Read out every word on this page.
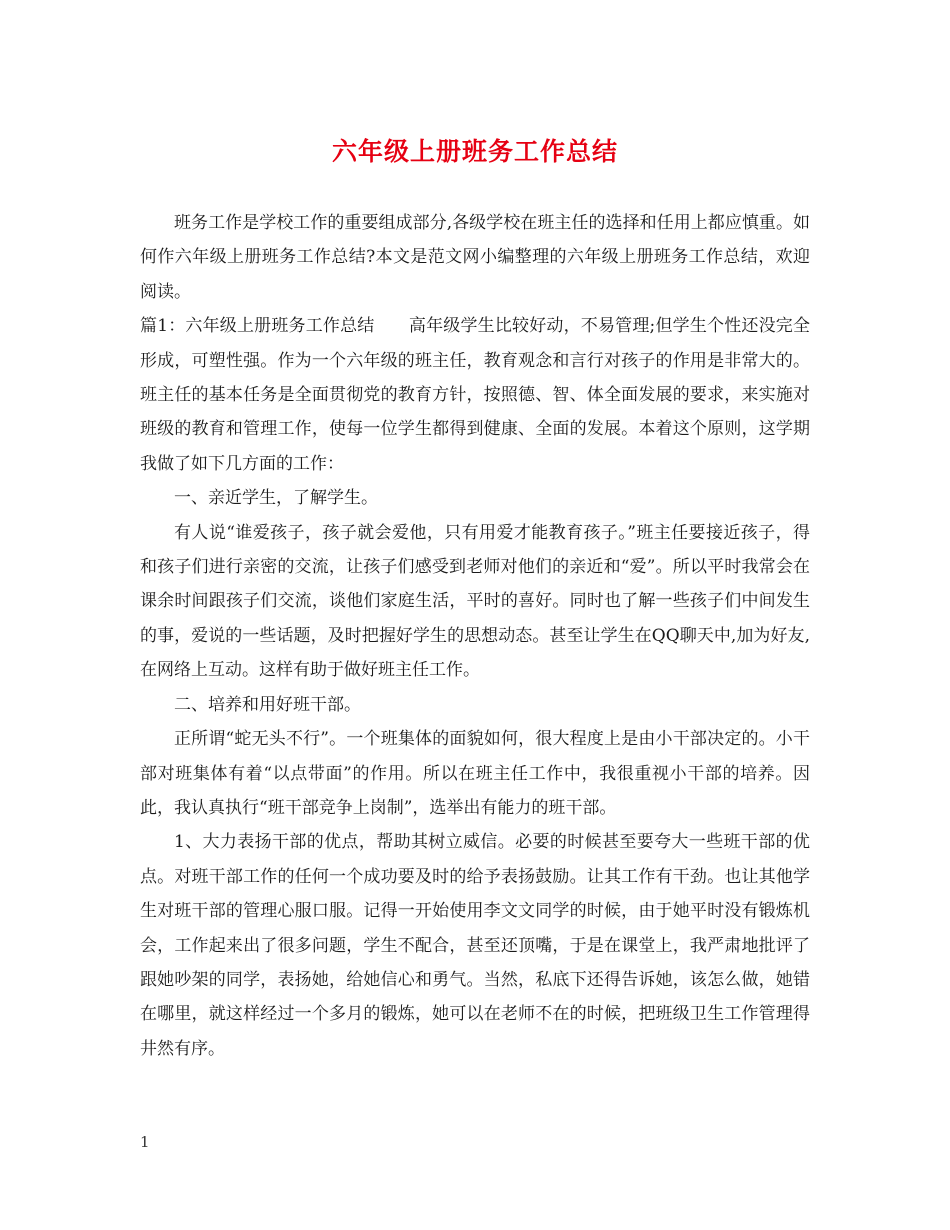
六年级上册班务工作总结

班务工作是学校工作的重要组成部分,各级学校在班主任的选择和任用上都应慎重。如何作六年级上册班务工作总结?本文是范文网小编整理的六年级上册班务工作总结，欢迎阅读。

篇1：六年级上册班务工作总结　　高年级学生比较好动，不易管理;但学生个性还没完全形成，可塑性强。作为一个六年级的班主任，教育观念和言行对孩子的作用是非常大的。班主任的基本任务是全面贯彻党的教育方针，按照德、智、体全面发展的要求，来实施对班级的教育和管理工作，使每一位学生都得到健康、全面的发展。本着这个原则，这学期我做了如下几方面的工作：

一、亲近学生，了解学生。

有人说“谁爱孩子，孩子就会爱他，只有用爱才能教育孩子。”班主任要接近孩子，得和孩子们进行亲密的交流，让孩子们感受到老师对他们的亲近和“爱”。所以平时我常会在课余时间跟孩子们交流，谈他们家庭生活，平时的喜好。同时也了解一些孩子们中间发生的事，爱说的一些话题，及时把握好学生的思想动态。甚至让学生在QQ聊天中,加为好友,在网络上互动。这样有助于做好班主任工作。

二、培养和用好班干部。

正所谓“蛇无头不行”。一个班集体的面貌如何，很大程度上是由小干部决定的。小干部对班集体有着“以点带面”的作用。所以在班主任工作中，我很重视小干部的培养。因此，我认真执行“班干部竞争上岗制”，选举出有能力的班干部。

1、大力表扬干部的优点，帮助其树立威信。必要的时候甚至要夸大一些班干部的优点。对班干部工作的任何一个成功要及时的给予表扬鼓励。让其工作有干劲。也让其他学生对班干部的管理心服口服。记得一开始使用李文文同学的时候，由于她平时没有锻炼机会，工作起来出了很多问题，学生不配合，甚至还顶嘴，于是在课堂上，我严肃地批评了跟她吵架的同学，表扬她，给她信心和勇气。当然，私底下还得告诉她，该怎么做，她错在哪里，就这样经过一个多月的锻炼，她可以在老师不在的时候，把班级卫生工作管理得井然有序。

1
